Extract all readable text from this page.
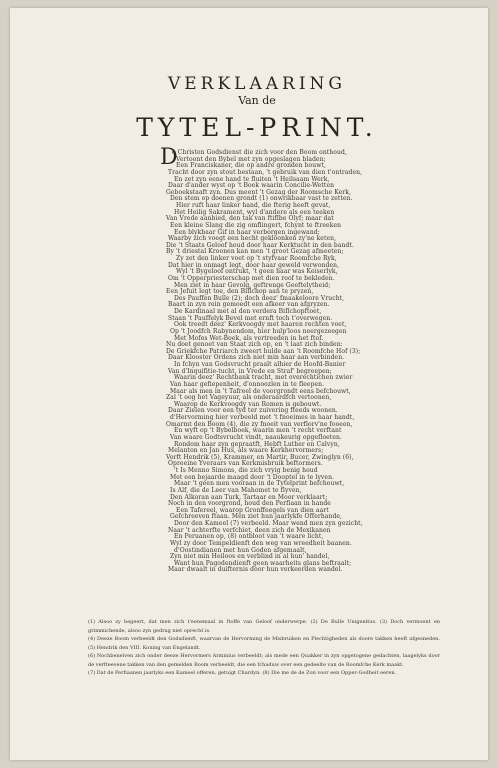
VERKLAARING
Van de
TYTEL-PRINT.
D
e Christen Godsdienst die zich voor den Boom onthoud,
Vertoont den Bybel met zyn opgeslagen bladen;
Een Franciskaner, die op andre gronden bouwt,
Tracht door zyn stout bestaan, 't gebruik van dien t'ontraden,
En zet zyn eene hand te fluiten 't Heilsaam Werk,
Daar d'ander wyst op 't Boek waarin Concilie-Wetten
Geboekstaaft zyn. Dus meent 't Gezag der Roomsche Kerk,
Den stem op doenen grondt (1) onwrikbaar vast te zetten.
Hier ruft haar linker hand, die fterig heeft gevat,
Het Heilig Sakrament, wyl d'andere als een teeken
Van Vrede aanbied, den tak van ftiflbe Olyf; maar dat
Een kleine Slang die zig omflingert, fchynt te ftreeken
Een blykbaar Gif in haar verborgen ingewand;
Waarby zich voegt een hecht gekloonken zy'ne keten,
Die 't Staats Geloof houd door haar Kerktucht in den bandt.
By 't driestal Kroonen kan men 't groot Gezag afmeeten;
Zy zet den linker voet op 't styfvaar Roomfche Ryk,
Dat hier in onmagt legt, door haar geweld verwonden,
Wyl 't Bygeloof ontrukt, 't geen haar was Keiserlyk,
Om 't Opperpriesterschap met dien roof te bekleden.
Men ziet in haar Gevolg, geftrenge Geeftelytheid;
Een Jefuit legt toe, den Biflchop aan te pryzen,
Des Pauffen Bulle (2); doch deez' fmaakeloore Vrucht,
Baart in zyn rein gemoedt een afkeer van afgryzen.
De Kardinaal met al den verdera Biflchopftoet,
Staan 't Pauffelyk Bevel met ernft toch t'overwegen.
Ook treedt deez' Kerkvoogdy met haaren rechten voet,
Op 't Joodfch Rabynendom, hier hulp'loos neergezeegen
Met Mofes Wet-Boek, als vertreeden in het ftof.
Nu doet genoet van Staat zich op, en 't laat zich binden:
De Griekfche Patriarch zweert hulde aan 't Roomfche Hof (3);
Daar Klooster Ordens zich niet min haar aan verbinden.
In fchyn van Godsvrucht praalt alhier de Hoofd-Banier
Van d'Inquifitie-tucht, in Vrede en Straf' begreepen;
Waarin deez' Rechtbank tracht, met overechtichen zwier
Van haar gefiepenheit, d'onnoozlen in te fleepen.
Maar als men in 't Tafreel de voorgrondt eens befchouwt,
Zal 't oog het Vageyuur, als onderaardfch vertoonen,
Waarop de Kerkvoogdy van Romen is gebouwt.
Daar Zielen voor een tyd ter zuivering fteeds woonen.
d'Hervorming hier verbeeld met 't fnoeimes in haar handt,
Omarmt den Boom (4), die zy fnoeit van verflorv'ne fooeen,
En wyft op 't Bybelboek, waarin men 't recht verftant
Van waare Godtsvrucht vindt, naaukeurig opgefloeten.
Rondom haar zyn gepraatft, Hebft Luther en Calvyn,
Melanton en Jan Hus, als waare Kerkhervormers;
Vorft Hendrik (5), Krammer, en Martir, Bucer, Zwinglyn (6),
Opreeine Yveraars van Kerkmisbruik beftormers.
't Is Menno Simons, die zich vryig benig houd
Met een bejaarde maagd door 't Dooptel in te lyven.
Maar 't geen men vooraan in de Tytelprint befchouwt,
Is Alf, die de Leer van Mahomet te flyven,
Den Alkoran aan Turk, Tartaar en Moor verklaart;
Noch in den voorgrond, houd den Perfiaan in hande
Een Tafereel, waarop Gronffeegels van dien aart
Gefchreeven ftaan. Men ziet hun jaarlykfe Offerhande,
Door den Kameel (7) verbeeld. Maar wend men zyn gezicht,
Naar 't achterfte verfchiet, deen zich de Mexikanen
En Peruanen op, (8) ontbloot van 't waare licht,
Wyl zy door Tempeldienft den weg van wreedheit baanen.
d'Oostindianen met hun Goden afgemaalt,
Zyn niet min Heiloos en verblind in al hun' handel,
Want hun Pagodendienft geen waarheits glans beftraalt;
Maar dwaalt in duifternis door hun verkeerden wandel.
(1) Alsoo zy begeert, dat men zich t'eenemaal in ftoffe van Geloof onderwerpe. (2) De Bulle Unigenitus. (3) Doch vermoent en grimmichende, alsoo zyn gedrag niet oprecht is.
(4) Deeze Boom verbeeldt den Godsdienft, waarvan de Hervorming de Misbruiken en Plechtigheden als doore takken heeft afgesneden. (5) Hendrik den VIII. Koning van Engelandt.
(6) Nochbenelven zich onder deeze Hervormers Arminius verbeeldt; als mede een Quakker in zyn opgetogene gedachten, laagelyks door de verfteevene takken van den gemelden Boom verbeeldt, die een fchaduw over een gedeelte van de Roomfche Kerk maakt.
(7) Dat de Perfiaanen jaarlyks een Kameel offeren, getuigt Chardyn. (8) Die me de de Zon voor een Opper-Godheit eeren.
